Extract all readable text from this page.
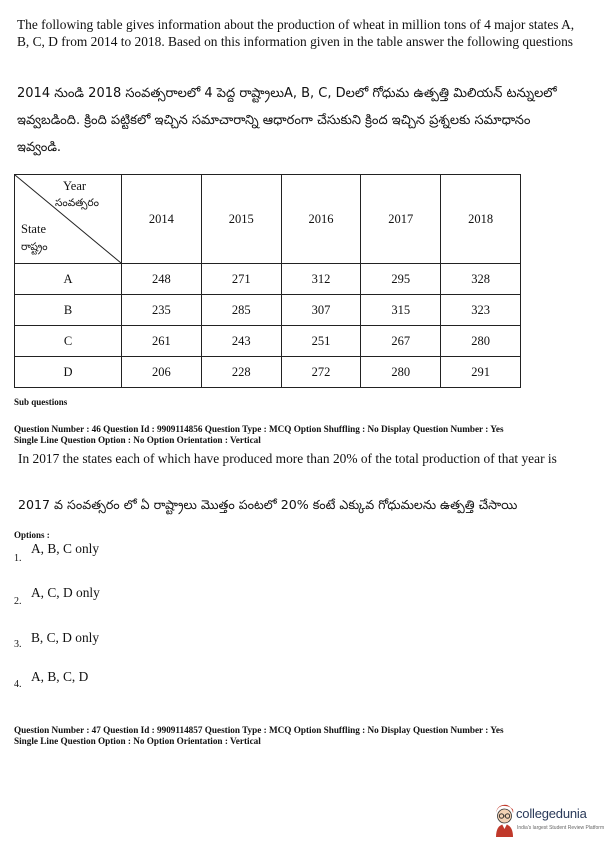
The following table gives information about the production of wheat in million tons of 4 major states A, B, C, D from 2014 to 2018. Based on this information given in the table answer the following questions
2014 నుండి 2018 సంవత్సరాలలో 4 పెద్ద రాష్ట్రాలుA, B, C, Dలలో గోధుమ ఉత్పత్తి మిలియన్ టన్నులలో ఇవ్వబడింది. క్రింది పట్టికలో ఇచ్చిన సమాచారాన్ని ఆధారంగా చేసుకుని క్రింద ఇచ్చిన ప్రశ్నలకు సమాధానం ఇవ్వండి.
Year
సంవత్సరం
State
రాష్ట్రం	2014	2015	2016	2017	2018
A	248	271	312	295	328
B	235	285	307	315	323
C	261	243	251	267	280
D	206	228	272	280	291
Sub questions
Question Number : 46 Question Id : 9909114856 Question Type : MCQ Option Shuffling : No Display Question Number : Yes
Single Line Question Option : No Option Orientation : Vertical
In 2017 the states each of which have produced more than 20% of the total production of that year is
2017 వ సంవత్సరం లో ఏ రాష్ట్రాలు మొత్తం పంటలో 20% కంటే ఎక్కువ గోధుమలను ఉత్పత్తి చేసాయి
Options :
1.
A, B, C only
2.
A, C, D only
3. B, C, D only
4.
A, B, C, D
Question Number : 47 Question Id : 9909114857 Question Type : MCQ Option Shuffling : No Display Question Number : Yes
Single Line Question Option : No Option Orientation : Vertical
collegedunia
India's largest Student Review Platform
